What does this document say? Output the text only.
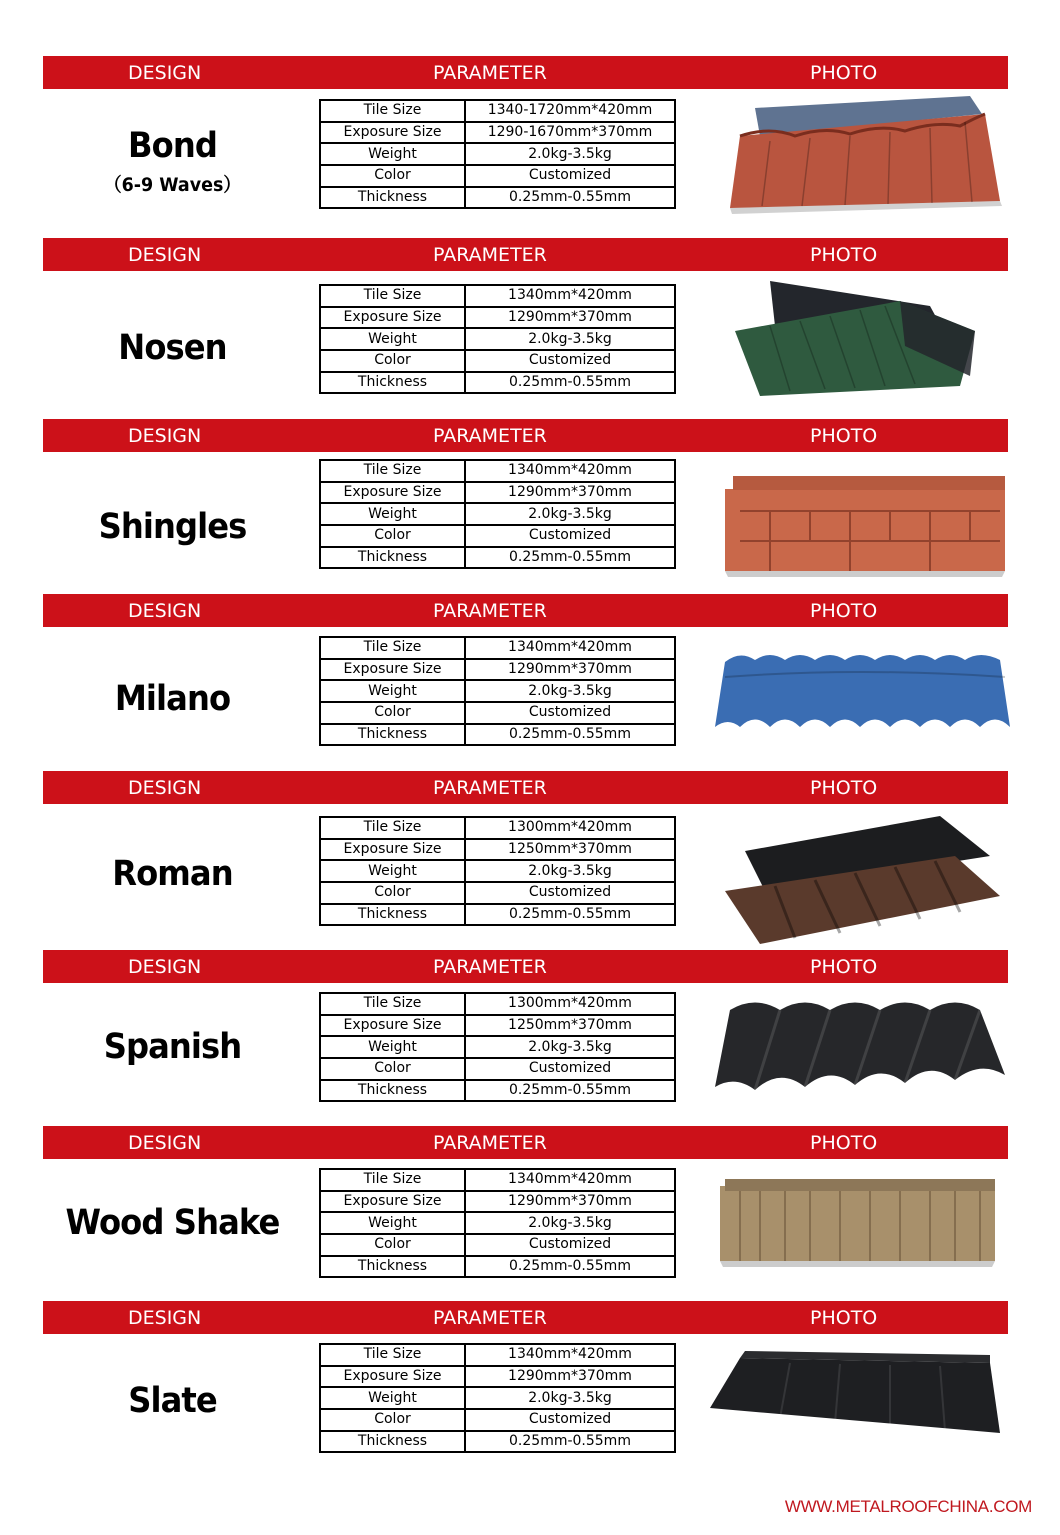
DESIGN	PARAMETER	PHOTO
Bond
（6-9 Waves）
Tile Size	1340-1720mm*420mm
Exposure Size	1290-1670mm*370mm
Weight	2.0kg-3.5kg
Color	Customized
Thickness	0.25mm-0.55mm
DESIGN	PARAMETER	PHOTO
Nosen
Tile Size	1340mm*420mm
Exposure Size	1290mm*370mm
Weight	2.0kg-3.5kg
Color	Customized
Thickness	0.25mm-0.55mm
DESIGN	PARAMETER	PHOTO
Shingles
Tile Size	1340mm*420mm
Exposure Size	1290mm*370mm
Weight	2.0kg-3.5kg
Color	Customized
Thickness	0.25mm-0.55mm
DESIGN	PARAMETER	PHOTO
Milano
Tile Size	1340mm*420mm
Exposure Size	1290mm*370mm
Weight	2.0kg-3.5kg
Color	Customized
Thickness	0.25mm-0.55mm
DESIGN	PARAMETER	PHOTO
Roman
Tile Size	1300mm*420mm
Exposure Size	1250mm*370mm
Weight	2.0kg-3.5kg
Color	Customized
Thickness	0.25mm-0.55mm
DESIGN	PARAMETER	PHOTO
Spanish
Tile Size	1300mm*420mm
Exposure Size	1250mm*370mm
Weight	2.0kg-3.5kg
Color	Customized
Thickness	0.25mm-0.55mm
DESIGN	PARAMETER	PHOTO
Wood Shake
Tile Size	1340mm*420mm
Exposure Size	1290mm*370mm
Weight	2.0kg-3.5kg
Color	Customized
Thickness	0.25mm-0.55mm
DESIGN	PARAMETER	PHOTO
Slate
Tile Size	1340mm*420mm
Exposure Size	1290mm*370mm
Weight	2.0kg-3.5kg
Color	Customized
Thickness	0.25mm-0.55mm
WWW.METALROOFCHINA.COM
